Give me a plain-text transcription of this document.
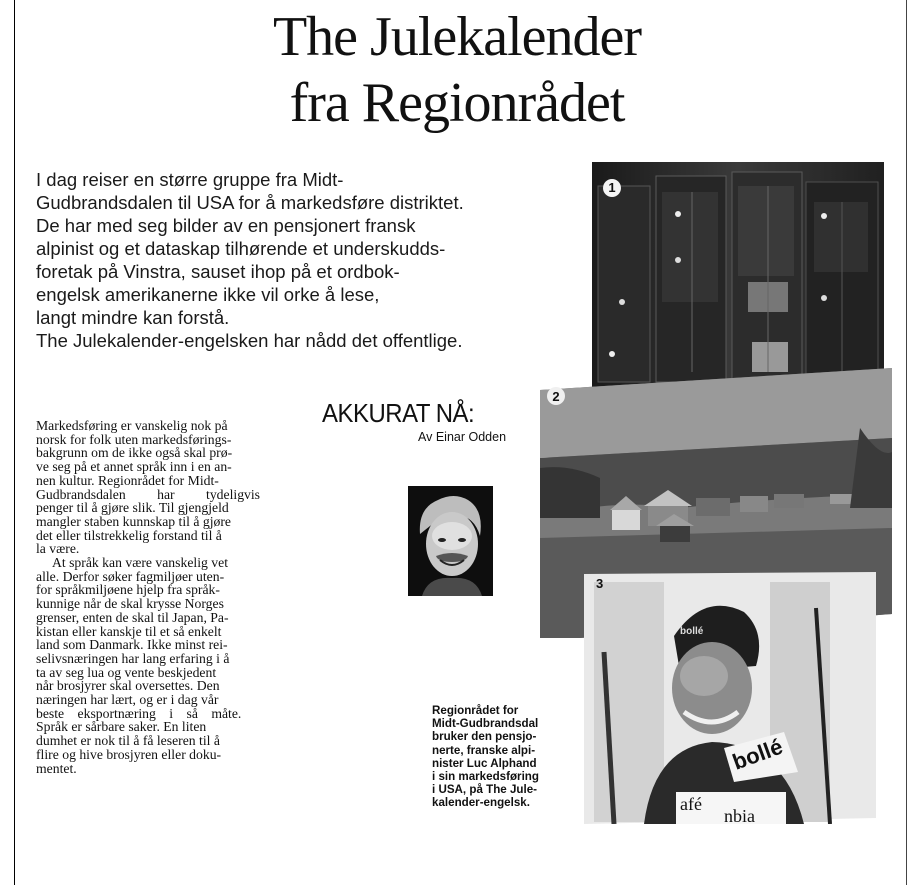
The Julekalender
fra Regionrådet
I dag reiser en større gruppe fra Midt-
Gudbrandsdalen til USA for å markedsføre distriktet.
De har med seg bilder av en pensjonert fransk
alpinist og et dataskap tilhørende et underskudds-
foretak på Vinstra, sauset ihop på et ordbok-
engelsk amerikanerne ikke vil orke å lese,
langt mindre kan forstå.
The Julekalender-engelsken har nådd det offentlige.
Markedsføring er vanskelig nok på
norsk for folk uten markedsførings-
bakgrunn om de ikke også skal prø-
ve seg på et annet språk inn i en an-
nen kultur. Regionrådet for Midt-
Gudbrandsdalen har tydeligvis
penger til å gjøre slik. Til gjengjeld
mangler staben kunnskap til å gjøre
det eller tilstrekkelig forstand til å
la være.
At språk kan være vanskelig vet
alle. Derfor søker fagmiljøer uten-
for språkmiljøene hjelp fra språk-
kunnige når de skal krysse Norges
grenser, enten de skal til Japan, Pa-
kistan eller kanskje til et så enkelt
land som Danmark. Ikke minst rei-
selivsnæringen har lang erfaring i å
ta av seg lua og vente beskjedent
når brosjyrer skal oversettes. Den
næringen har lært, og er i dag vår
beste eksportnæring i så måte.
Språk er sårbare saker. En liten
dumhet er nok til å få leseren til å
flire og hive brosjyren eller doku-
mentet.
AKKURAT NÅ:
Av Einar Odden
Regionrådet for
Midt-Gudbrandsdal
bruker den pensjo-
nerte, franske alpi-
nister Luc Alphand
i sin markedsføring
i USA, på The Jule-
kalender-engelsk.
1
2
bollé
bollé
afé
nbia
3
